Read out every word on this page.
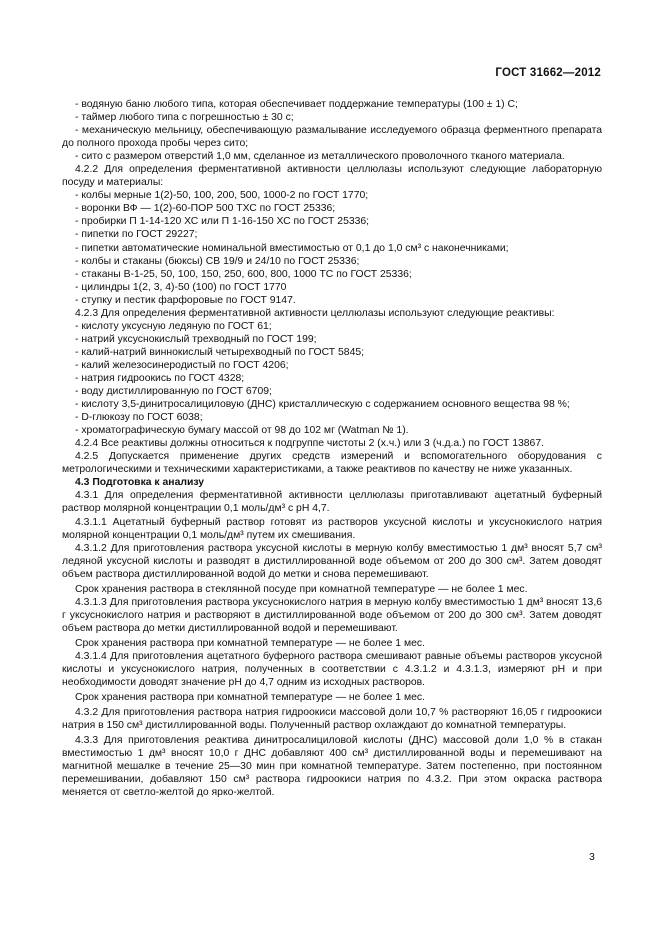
ГОСТ 31662—2012

- водяную баню любого типа, которая обеспечивает поддержание температуры (100 ± 1) С;

- таймер любого типа с погрешностью ± 30 с;

- механическую мельницу, обеспечивающую размалывание исследуемого образца ферментного препарата до полного прохода пробы через сито;

- сито с размером отверстий 1,0 мм, сделанное из металлического проволочного тканого материала.

4.2.2 Для определения ферментативной активности целлюлазы используют следующие лабораторную посуду и материалы:

- колбы мерные 1(2)-50, 100, 200, 500, 1000-2 по ГОСТ 1770;

- воронки ВФ — 1(2)-60-ПОР 500 ТХС по ГОСТ 25336;

- пробирки П 1-14-120 ХС или П 1-16-150 ХС по ГОСТ 25336;

- пипетки по ГОСТ 29227;

- пипетки автоматические номинальной вместимостью от 0,1 до 1,0 см³ с наконечниками;

- колбы и стаканы (бюксы) СВ 19/9 и 24/10 по ГОСТ 25336;

- стаканы В-1-25, 50, 100, 150, 250, 600, 800, 1000 ТС по ГОСТ 25336;

- цилиндры 1(2, 3, 4)-50 (100) по ГОСТ 1770

- ступку и пестик фарфоровые по ГОСТ 9147.

4.2.3 Для определения ферментативной активности целлюлазы используют следующие реактивы:

- кислоту уксусную ледяную по ГОСТ 61;

- натрий уксуснокислый трехводный по ГОСТ 199;

- калий-натрий виннокислый четырехводный по ГОСТ 5845;

- калий железосинеродистый по ГОСТ 4206;

- натрия гидроокись по ГОСТ 4328;

- воду дистиллированную по ГОСТ 6709;

- кислоту 3,5-динитросалициловую (ДНС) кристаллическую с содержанием основного вещества 98 %;

- D-глюкозу по ГОСТ 6038;

- хроматографическую бумагу массой от 98 до 102 мг (Watman № 1).

4.2.4 Все реактивы должны относиться к подгруппе чистоты 2 (х.ч.) или 3 (ч.д.а.) по ГОСТ 13867.

4.2.5 Допускается применение других средств измерений и вспомогательного оборудования с метрологическими и техническими характеристиками, а также реактивов по качеству не ниже указанных.

4.3 Подготовка к анализу

4.3.1 Для определения ферментативной активности целлюлазы приготавливают ацетатный буферный раствор молярной концентрации 0,1 моль/дм³ с pH 4,7.

4.3.1.1 Ацетатный буферный раствор готовят из растворов уксусной кислоты и уксуснокислого натрия молярной концентрации 0,1 моль/дм³ путем их смешивания.

4.3.1.2 Для приготовления раствора уксусной кислоты в мерную колбу вместимостью 1 дм³ вносят 5,7 см³ ледяной уксусной кислоты и разводят в дистиллированной воде объемом от 200 до 300 см³. Затем доводят объем раствора дистиллированной водой до метки и снова перемешивают.

Срок хранения раствора в стеклянной посуде при комнатной температуре — не более 1 мес.

4.3.1.3 Для приготовления раствора уксуснокислого натрия в мерную колбу вместимостью 1 дм³ вносят 13,6 г уксуснокислого натрия и растворяют в дистиллированной воде объемом от 200 до 300 см³. Затем доводят объем раствора до метки дистиллированной водой и перемешивают.

Срок хранения раствора при комнатной температуре — не более 1 мес.

4.3.1.4 Для приготовления ацетатного буферного раствора смешивают равные объемы растворов уксусной кислоты и уксуснокислого натрия, полученных в соответствии с 4.3.1.2 и 4.3.1.3, измеряют pH и при необходимости доводят значение pH до 4,7 одним из исходных растворов.

Срок хранения раствора при комнатной температуре — не более 1 мес.

4.3.2 Для приготовления раствора натрия гидроокиси массовой доли 10,7 % растворяют 16,05 г гидроокиси натрия в 150 см³ дистиллированной воды. Полученный раствор охлаждают до комнатной температуры.

4.3.3 Для приготовления реактива динитросалициловой кислоты (ДНС) массовой доли 1,0 % в стакан вместимостью 1 дм³ вносят 10,0 г ДНС добавляют 400 см³ дистиллированной воды и перемешивают на магнитной мешалке в течение 25—30 мин при комнатной температуре. Затем постепенно, при постоянном перемешивании, добавляют 150 см³ раствора гидроокиси натрия по 4.3.2. При этом окраска раствора меняется от светло-желтой до ярко-желтой.

3
